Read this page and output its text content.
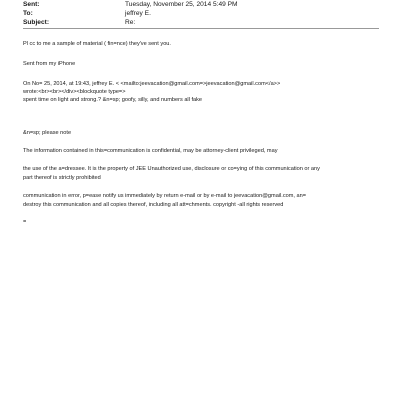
Sent:	Tuesday, November 25, 2014 5:49 PM
To:	jeffrey E.
Subject:	Re:
Pl cc to me a sample of material ( fin=nce) they've sent you.
Sent from my iPhone
On No= 25, 2014, at 19:43, jeffrey E. < <mailto:jeevacation@gmail.com=>jeevacation@gmail.com</a>>
wrote:<br><br></div><blockquote type=>
spent time on light and strong.? &n=sp; goofy, silly, and numbers all fake
&n=sp; please note
The information contained in this=communication is confidential, may be attorney-client privileged, may
the use of the a=dressee. It is the property of JEE Unauthorized use, disclosure or co=ying of this communication or any
part thereof is strictly prohibited
communication in error, p=ease notify us immediately by return e-mail or by e-mail to jeevacation@gmail.com, an=
destroy this communication and all copies thereof, including all att=chments. copyright -all rights reserved
=
